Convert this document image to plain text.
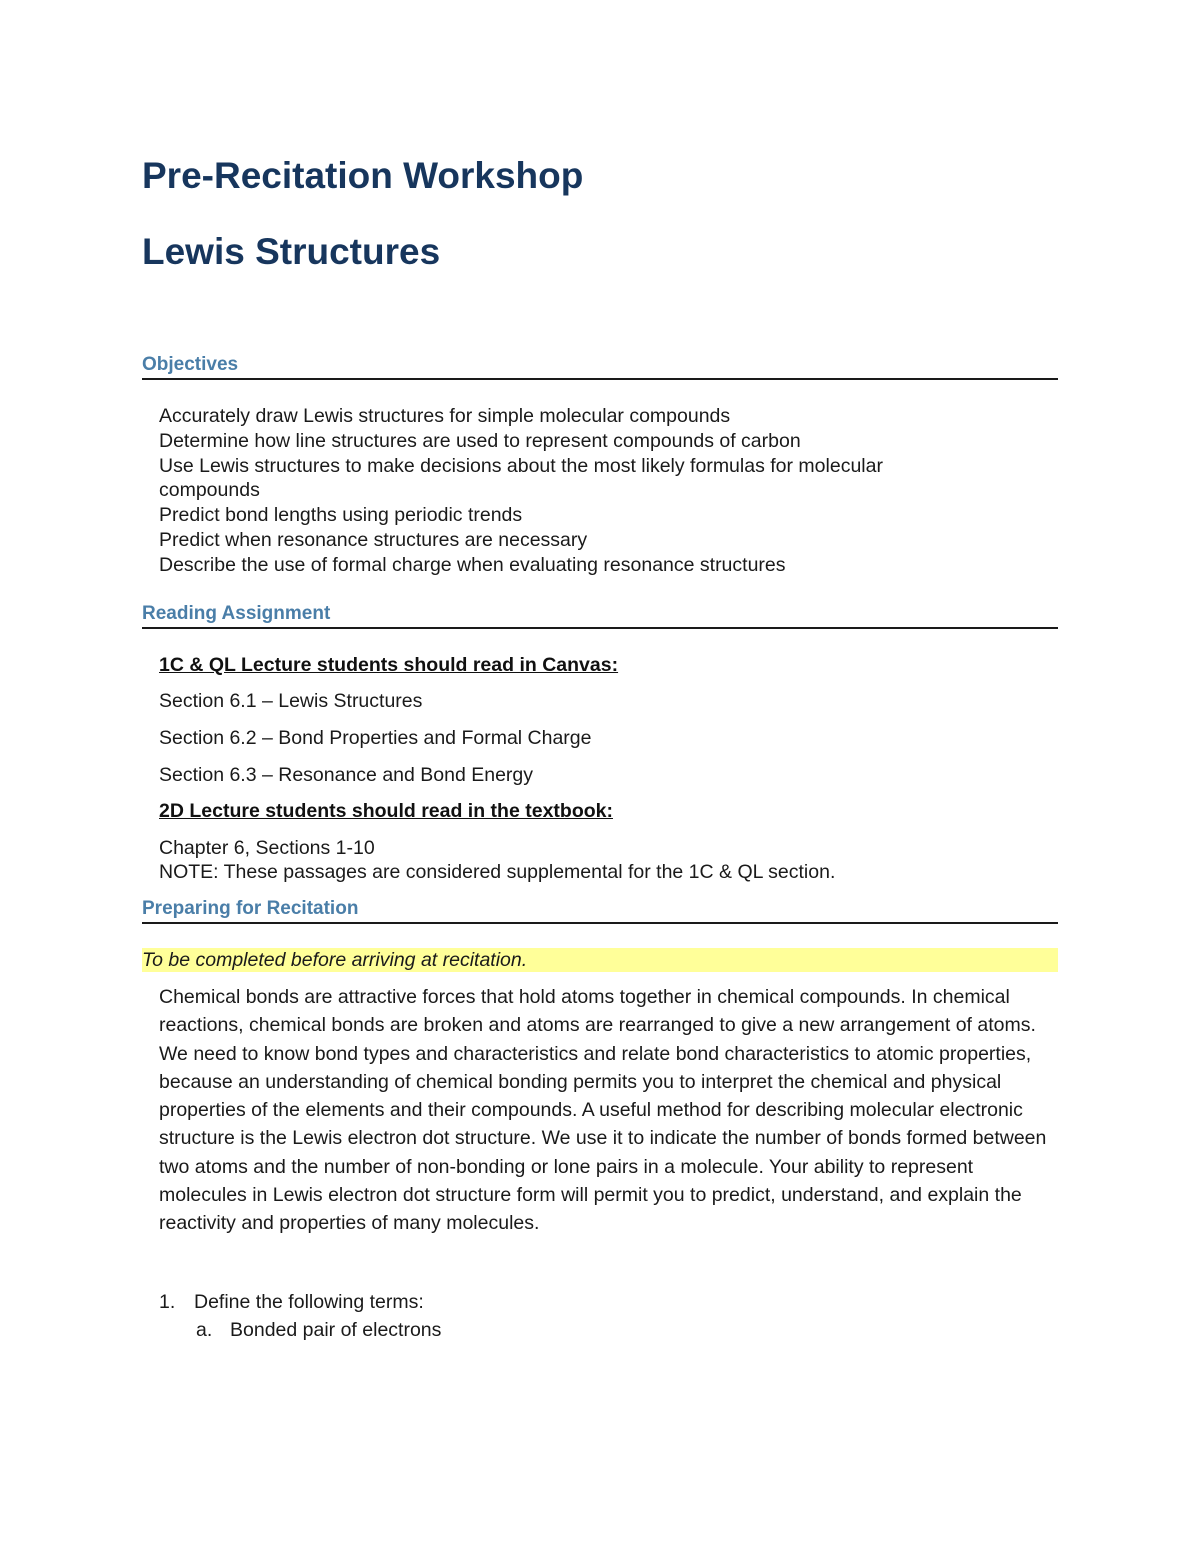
Pre-Recitation Workshop
Lewis Structures
Objectives
Accurately draw Lewis structures for simple molecular compounds
Determine how line structures are used to represent compounds of carbon
Use Lewis structures to make decisions about the most likely formulas for molecular compounds
Predict bond lengths using periodic trends
Predict when resonance structures are necessary
Describe the use of formal charge when evaluating resonance structures
Reading Assignment
1C & QL Lecture students should read in Canvas:
Section 6.1 – Lewis Structures
Section 6.2 – Bond Properties and Formal Charge
Section 6.3 – Resonance and Bond Energy
2D Lecture students should read in the textbook:
Chapter 6, Sections 1-10
NOTE: These passages are considered supplemental for the 1C & QL section.
Preparing for Recitation
To be completed before arriving at recitation.

Chemical bonds are attractive forces that hold atoms together in chemical compounds. In chemical reactions, chemical bonds are broken and atoms are rearranged to give a new arrangement of atoms. We need to know bond types and characteristics and relate bond characteristics to atomic properties, because an understanding of chemical bonding permits you to interpret the chemical and physical properties of the elements and their compounds. A useful method for describing molecular electronic structure is the Lewis electron dot structure. We use it to indicate the number of bonds formed between two atoms and the number of non-bonding or lone pairs in a molecule. Your ability to represent molecules in Lewis electron dot structure form will permit you to predict, understand, and explain the reactivity and properties of many molecules.

1. Define the following terms:
a. Bonded pair of electrons
